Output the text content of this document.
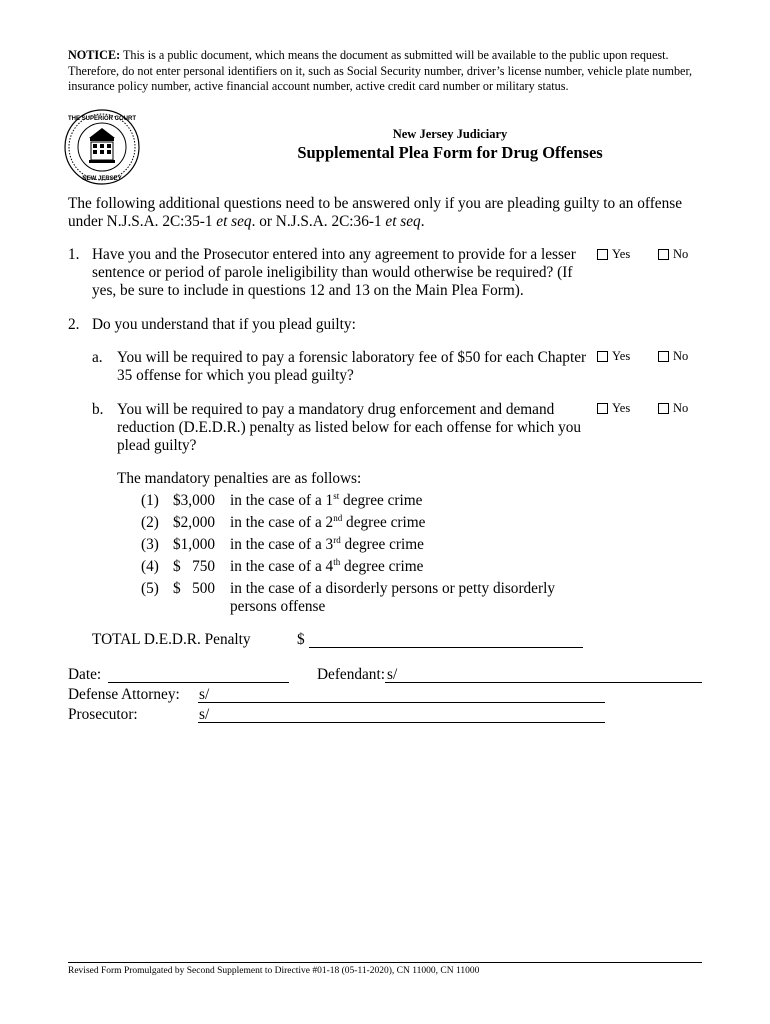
NOTICE: This is a public document, which means the document as submitted will be available to the public upon request. Therefore, do not enter personal identifiers on it, such as Social Security number, driver’s license number, vehicle plate number, insurance policy number, active financial account number, active credit card number or military status.
THE SUPERIOR COURT
NEW JERSEY
New Jersey Judiciary
Supplemental Plea Form for Drug Offenses
The following additional questions need to be answered only if you are pleading guilty to an offense under N.J.S.A. 2C:35-1 et seq. or N.J.S.A. 2C:36-1 et seq.
1. Have you and the Prosecutor entered into any agreement to provide for a lesser sentence or period of parole ineligibility than would otherwise be required? (If yes, be sure to include in questions 12 and 13 on the Main Plea Form).
Yes	No
2. Do you understand that if you plead guilty:
a. You will be required to pay a forensic laboratory fee of $50 for each Chapter 35 offense for which you plead guilty?
Yes	No
b. You will be required to pay a mandatory drug enforcement and demand reduction (D.E.D.R.) penalty as listed below for each offense for which you plead guilty?
Yes	No
The mandatory penalties are as follows:
(1) $3,000 in the case of a 1st degree crime
(2) $2,000 in the case of a 2nd degree crime
(3) $1,000 in the case of a 3rd degree crime
(4) $   750 in the case of a 4th degree crime
(5) $   500 in the case of a disorderly persons or petty disorderly persons offense
TOTAL D.E.D.R. Penalty	$
Date:	Defendant: s/
Defense Attorney: s/
Prosecutor:	s/
Revised Form Promulgated by Second Supplement to Directive #01-18 (05-11-2020), CN 11000, CN 11000
